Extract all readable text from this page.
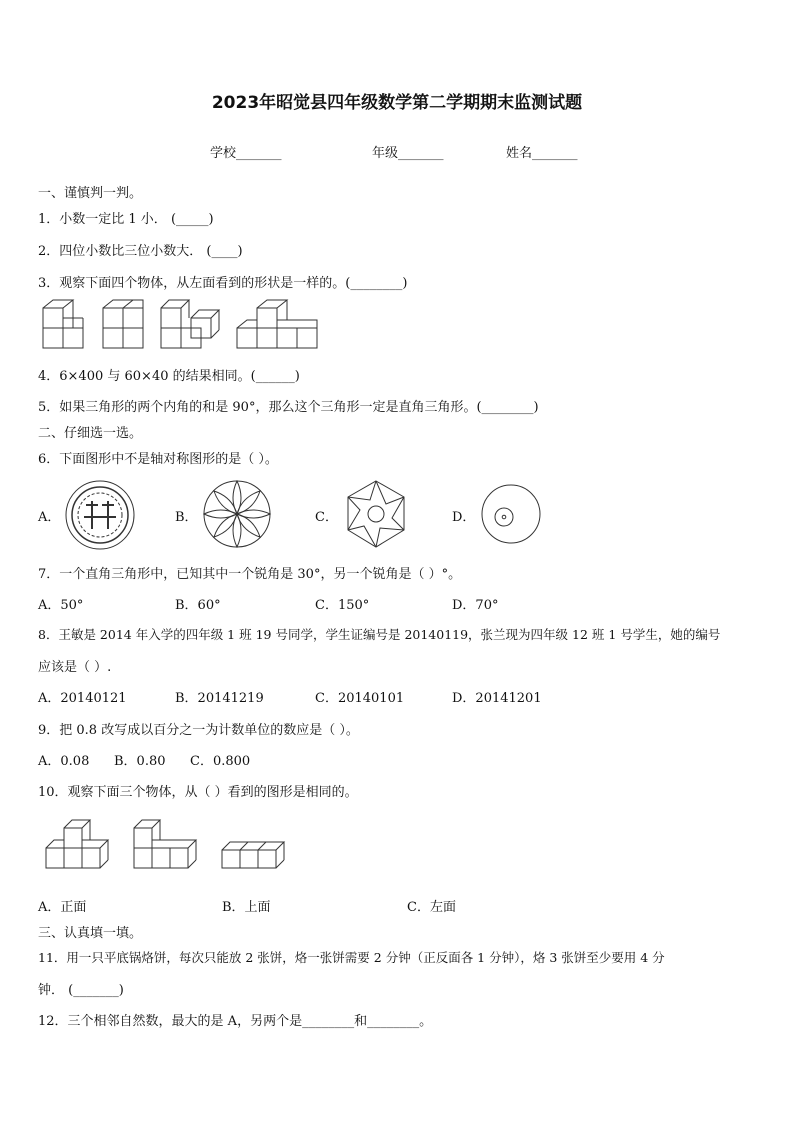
2023年昭觉县四年级数学第二学期期末监测试题
学校_______	年级_______	姓名_______
一、谨慎判一判。
1．小数一定比 1 小． (_____)
2．四位小数比三位小数大． (____)
3．观察下面四个物体，从左面看到的形状是一样的。(________)
4．6×400 与 60×40 的结果相同。(______)
5．如果三角形的两个内角的和是 90°，那么这个三角形一定是直角三角形。(________)
二、仔细选一选。
6．下面图形中不是轴对称图形的是（ ）。
A．	B．	C．	D．
7．一个直角三角形中，已知其中一个锐角是 30°，另一个锐角是（ ）°。
A．50°	B．60°	C．150°	D．70°
8．王敏是 2014 年入学的四年级 1 班 19 号同学，学生证编号是 20140119，张兰现为四年级 12 班 1 号学生，她的编号
应该是（ ）.
A．20140121	B．20141219	C．20140101	D．20141201
9．把 0.8 改写成以百分之一为计数单位的数应是（ ）。
A．0.08 B．0.80 C．0.800
10．观察下面三个物体，从（ ）看到的图形是相同的。
A．正面	B．上面	C．左面
三、认真填一填。
11．用一只平底锅烙饼，每次只能放 2 张饼，烙一张饼需要 2 分钟（正反面各 1 分钟），烙 3 张饼至少要用 4 分
钟． (_______)
12．三个相邻自然数，最大的是 A，另两个是________和________。
